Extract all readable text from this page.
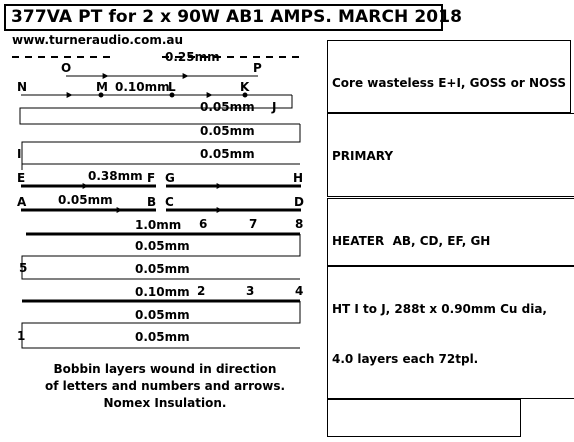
377VA PT for 2 x 90W AB1 AMPS. MARCH 2018
www.turneraudio.com.au

Core wasteless E+I, GOSS or NOSS

PRIMARY

HEATER  AB, CD, EF, GH

HT I to J, 288t x 0.90mm Cu dia,

4.0 layers each 72tpl.

0.25mm
O	P
N	M 0.10mm
L	K
0.05mm J
0.05mm
0.05mm
I
E	0.38mm F G	H
A	0.05mm	B C	D
1.0mm 6	7	8
0.05mm
5	0.05mm
0.10mm 2	3	4
0.05mm
0.05mm
1
Bobbin layers wound in direction
of letters and numbers and arrows.
Nomex Insulation.
